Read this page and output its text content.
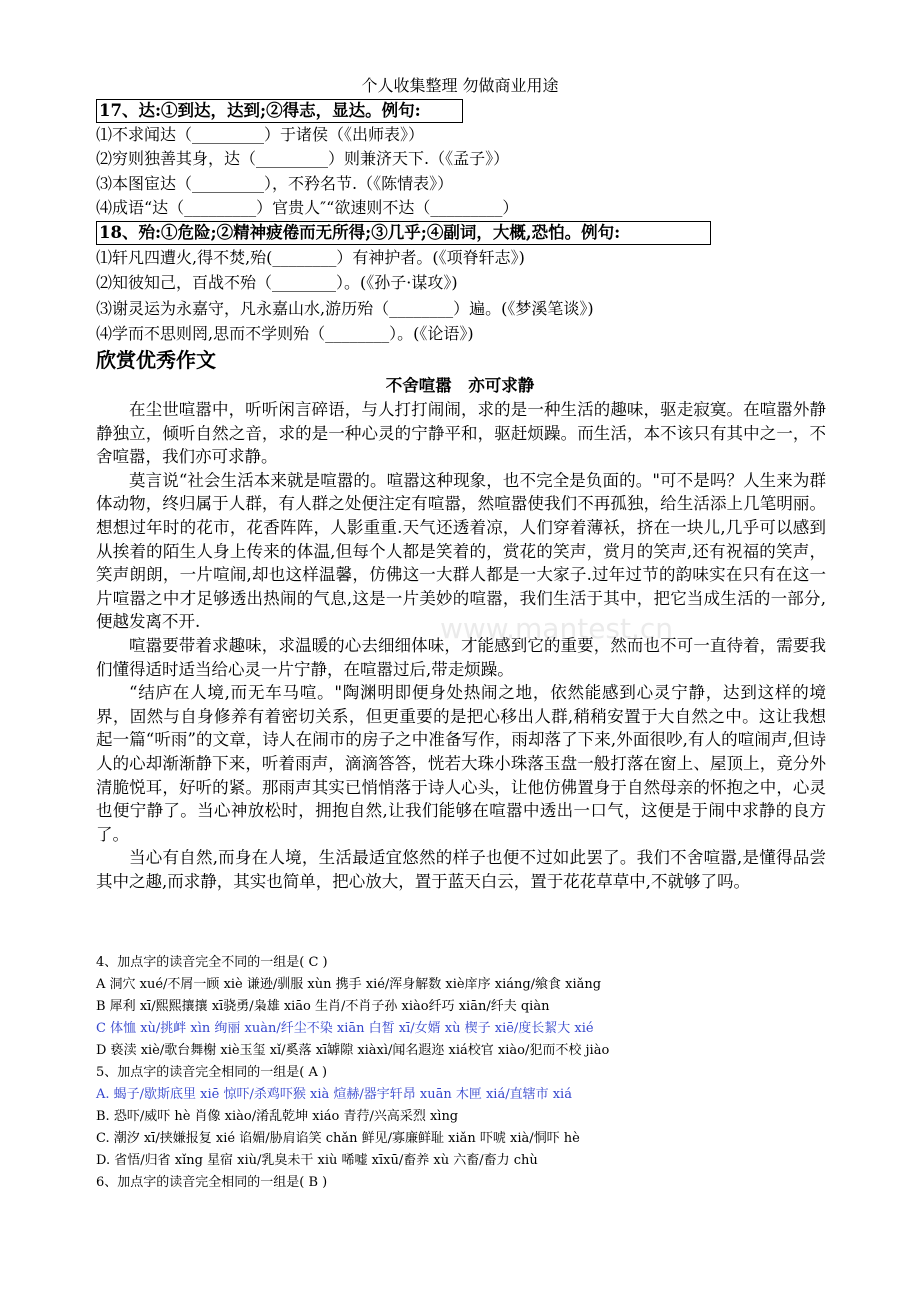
个人收集整理 勿做商业用途
17、达:①到达，达到;②得志，显达。例句:
⑴不求闻达（_________）于诸侯（《出师表》）
⑵穷则独善其身，达（_________）则兼济天下.（《孟子》）
⑶本图宦达（_________），不矜名节.（《陈情表》）
⑷成语“达（_________）官贵人″“欲速则不达（_________）
18、殆:①危险;②精神疲倦而无所得;③几乎;④副词，大概,恐怕。例句:
⑴轩凡四遭火,得不焚,殆(________）有神护者。(《项脊轩志》)
⑵知彼知己，百战不殆（________）。(《孙子·谋攻》)
⑶谢灵运为永嘉守，凡永嘉山水,游历殆（________）遍。(《梦溪笔谈》)
⑷学而不思则罔,思而不学则殆（________）。(《论语》)
欣赏优秀作文
不舍喧嚣　亦可求静
www.mantest.cn

在尘世喧嚣中，听听闲言碎语，与人打打闹闹，求的是一种生活的趣味，驱走寂寞。在喧嚣外静静独立，倾听自然之音，求的是一种心灵的宁静平和，驱赶烦躁。而生活，本不该只有其中之一，不舍喧嚣，我们亦可求静。

莫言说“社会生活本来就是喧嚣的。喧嚣这种现象，也不完全是负面的。"可不是吗？人生来为群体动物，终归属于人群，有人群之处便注定有喧嚣，然喧嚣使我们不再孤独，给生活添上几笔明丽。想想过年时的花市，花香阵阵，人影重重.天气还透着凉，人们穿着薄袄，挤在一块儿,几乎可以感到从挨着的陌生人身上传来的体温,但每个人都是笑着的，赏花的笑声，赏月的笑声,还有祝福的笑声，笑声朗朗，一片喧闹,却也这样温馨，仿佛这一大群人都是一大家子.过年过节的韵味实在只有在这一片喧嚣之中才足够透出热闹的气息,这是一片美妙的喧嚣，我们生活于其中，把它当成生活的一部分,便越发离不开.

喧嚣要带着求趣味，求温暖的心去细细体味，才能感到它的重要，然而也不可一直待着，需要我们懂得适时适当给心灵一片宁静，在喧嚣过后,带走烦躁。

“结庐在人境,而无车马喧。"陶渊明即便身处热闹之地，依然能感到心灵宁静，达到这样的境界，固然与自身修养有着密切关系，但更重要的是把心移出人群,稍稍安置于大自然之中。这让我想起一篇“听雨”的文章，诗人在闹市的房子之中准备写作，雨却落了下来,外面很吵,有人的喧闹声,但诗人的心却渐渐静下来，听着雨声，滴滴答答，恍若大珠小珠落玉盘一般打落在窗上、屋顶上，竟分外清脆悦耳，好听的紧。那雨声其实已悄悄落于诗人心头，让他仿佛置身于自然母亲的怀抱之中，心灵也便宁静了。当心神放松时，拥抱自然,让我们能够在喧嚣中透出一口气，这便是于闹中求静的良方了。

当心有自然,而身在人境，生活最适宜悠然的样子也便不过如此罢了。我们不舍喧嚣,是懂得品尝其中之趣,而求静，其实也简单，把心放大，置于蓝天白云，置于花花草草中,不就够了吗。

4、加点字的读音完全不同的一组是( C )
A 洞穴 xué/不屑一顾 xiè 谦逊/驯服 xùn 携手 xié/浑身解数 xiè庠序 xiáng/飨食 xiǎng
B 犀利 xī/熙熙攘攘 xī骁勇/枭雄 xiāo 生肖/不肖子孙 xiào纤巧 xiān/纤夫 qiàn
C 体恤 xù/挑衅 xìn 绚丽 xuàn/纤尘不染 xiān 白皙 xī/女婿 xù 楔子 xiē/度长絜大 xié
D 亵渎 xiè/歌台舞榭 xiè玉玺 xǐ/奚落 xī罅隙 xiàxì/闻名遐迩 xiá校官 xiào/犯而不校 jiào
5、加点字的读音完全相同的一组是( A )
A. 蝎子/歇斯底里 xiē 惊吓/杀鸡吓猴 xià 煊赫/器宇轩昂 xuān 木匣 xiá/直辖市 xiá
B. 恐吓/威吓 hè 肖像 xiào/淆乱乾坤 xiáo 青荇/兴高采烈 xìng
C. 潮汐 xī/挟嫌报复 xié 谄媚/胁肩谄笑 chǎn 鲜见/寡廉鲜耻 xiǎn 吓唬 xià/恫吓 hè
D. 省悟/归省 xǐng 星宿 xiù/乳臭未干 xiù 唏嘘 xīxū/畜养 xù 六畜/畜力 chù
6、加点字的读音完全相同的一组是( B )
